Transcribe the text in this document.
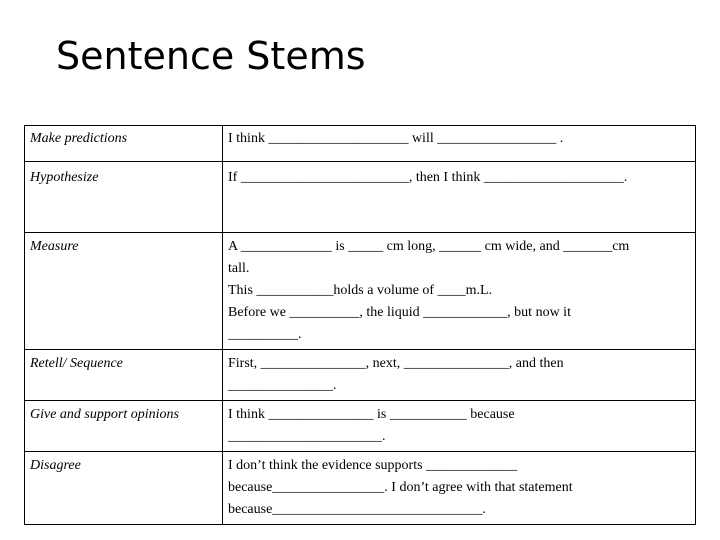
Sentence Stems
Make predictions	I think ____________________ will _________________ .

Hypothesize	If ________________________, then I think ____________________.

Measure	A _____________ is _____ cm long, ______ cm wide, and _______cm
tall.
This ___________holds a volume of ____m.L.
Before we __________, the liquid ____________, but now it
__________.

Retell/ Sequence	First, _______________, next, _______________, and then
_______________.

Give and support opinions	I think _______________ is ___________ because
______________________.

Disagree	I don’t think the evidence supports _____________
because________________. I don’t agree with that statement
because______________________________.
